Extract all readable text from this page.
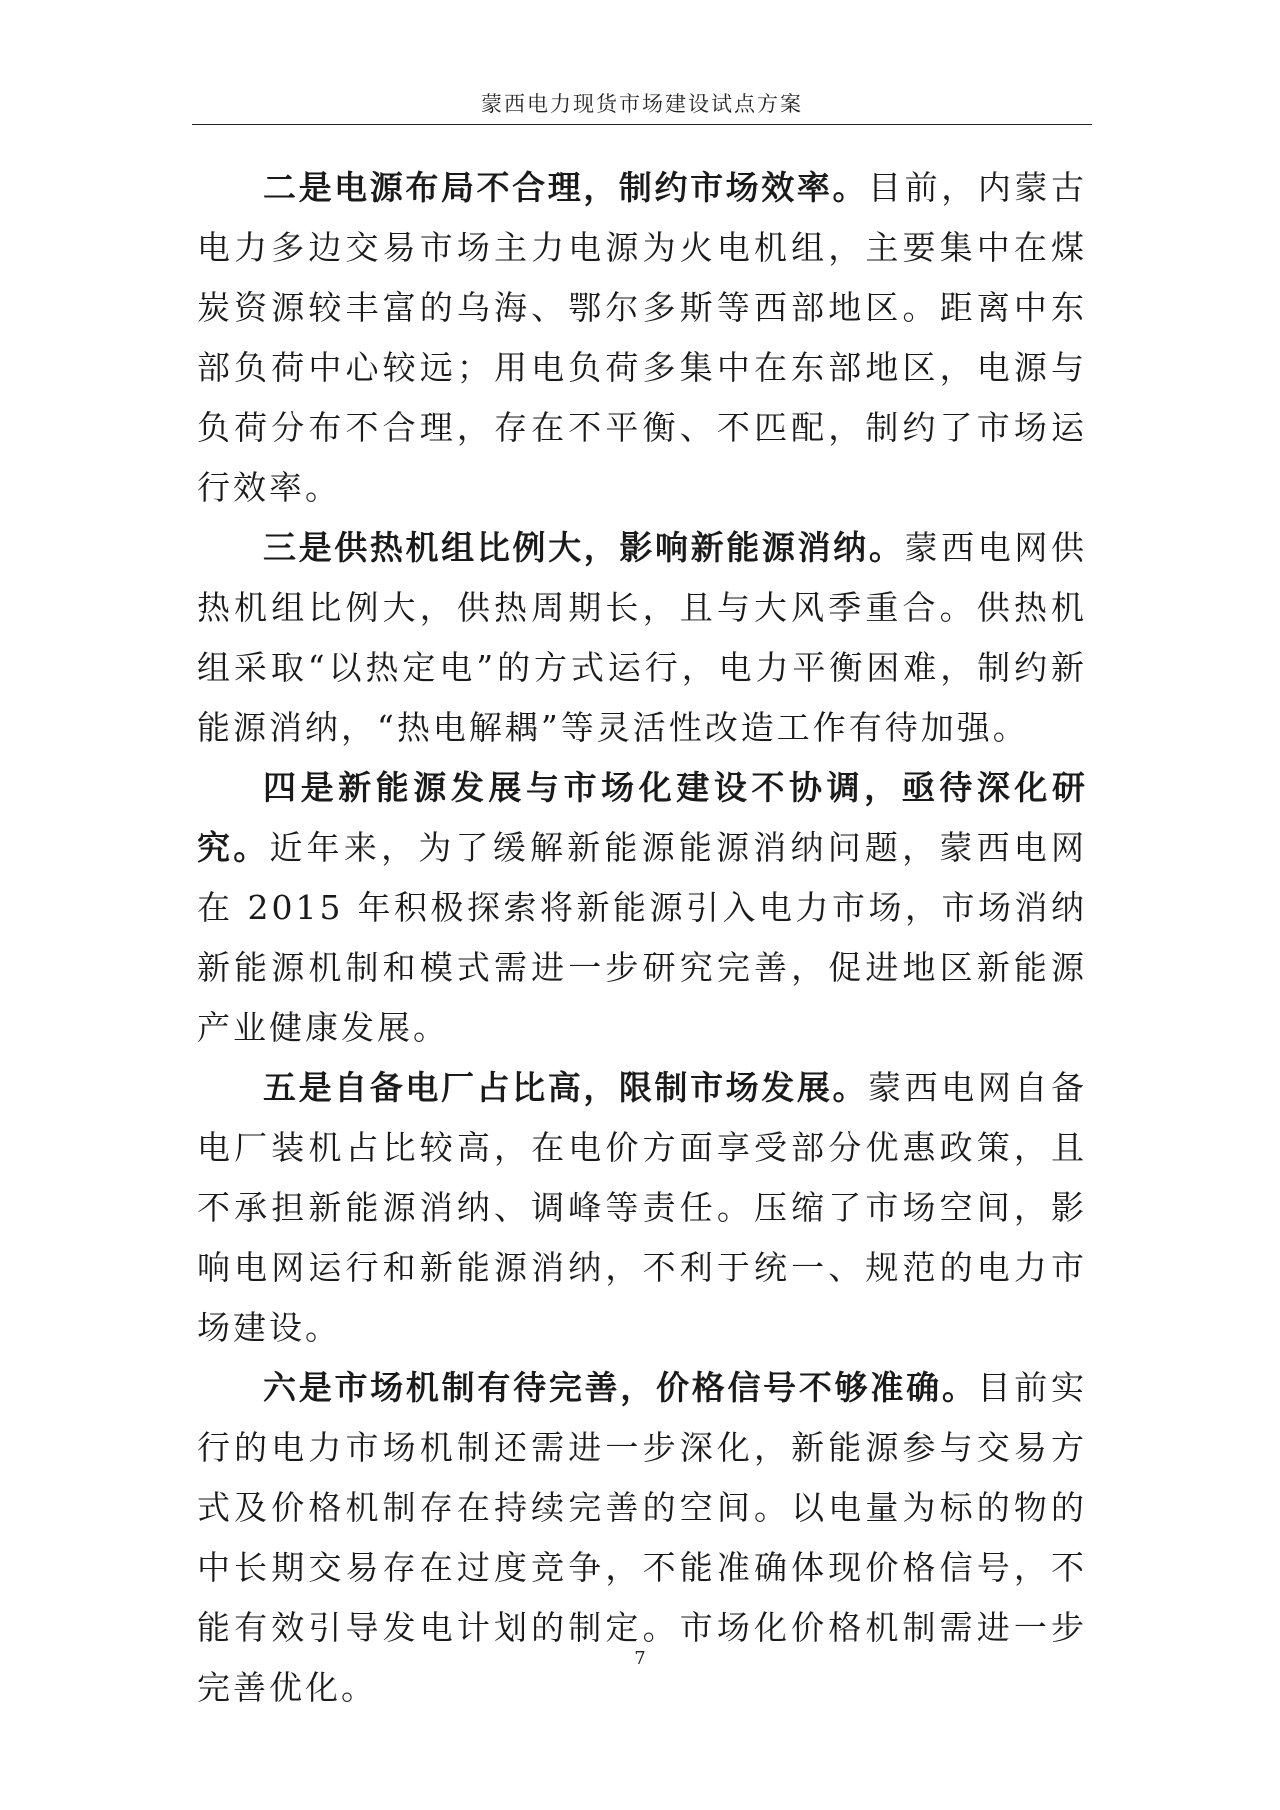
蒙西电力现货市场建设试点方案

二是电源布局不合理，制约市场效率。目前，内蒙古电力多边交易市场主力电源为火电机组，主要集中在煤炭资源较丰富的乌海、鄂尔多斯等西部地区。距离中东部负荷中心较远；用电负荷多集中在东部地区，电源与负荷分布不合理，存在不平衡、不匹配，制约了市场运行效率。

三是供热机组比例大，影响新能源消纳。蒙西电网供热机组比例大，供热周期长，且与大风季重合。供热机组采取“以热定电”的方式运行，电力平衡困难，制约新能源消纳，“热电解耦”等灵活性改造工作有待加强。

四是新能源发展与市场化建设不协调，亟待深化研究。近年来，为了缓解新能源能源消纳问题，蒙西电网在 2015 年积极探索将新能源引入电力市场，市场消纳新能源机制和模式需进一步研究完善，促进地区新能源产业健康发展。

五是自备电厂占比高，限制市场发展。蒙西电网自备电厂装机占比较高，在电价方面享受部分优惠政策，且不承担新能源消纳、调峰等责任。压缩了市场空间，影响电网运行和新能源消纳，不利于统一、规范的电力市场建设。

六是市场机制有待完善，价格信号不够准确。目前实行的电力市场机制还需进一步深化，新能源参与交易方式及价格机制存在持续完善的空间。以电量为标的物的中长期交易存在过度竞争，不能准确体现价格信号，不能有效引导发电计划的制定。市场化价格机制需进一步完善优化。

7
